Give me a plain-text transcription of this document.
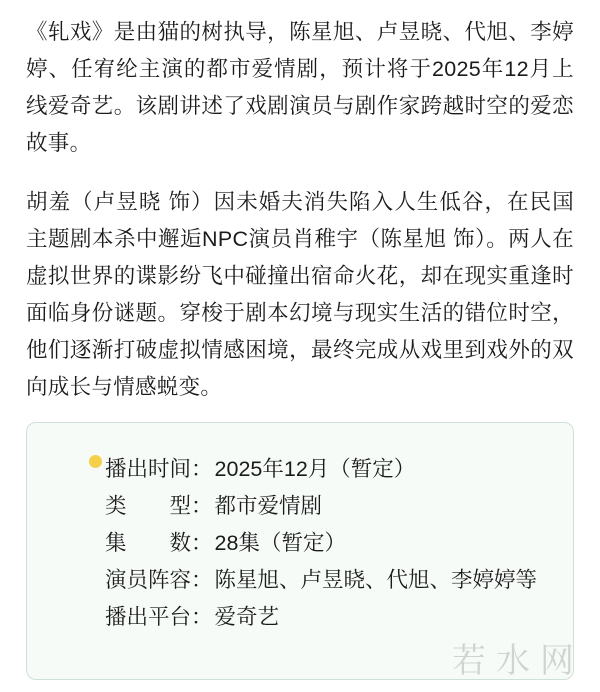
《轧戏》是由猫的树执导，陈星旭、卢昱晓、代旭、李婷婷、任宥纶主演的都市爱情剧，预计将于2025年12月上线爱奇艺。该剧讲述了戏剧演员与剧作家跨越时空的爱恋故事。

胡羞（卢昱晓 饰）因未婚夫消失陷入人生低谷，在民国主题剧本杀中邂逅NPC演员肖稚宇（陈星旭 饰）。两人在虚拟世界的谍影纷飞中碰撞出宿命火花，却在现实重逢时面临身份谜题。穿梭于剧本幻境与现实生活的错位时空，他们逐渐打破虚拟情感困境，最终完成从戏里到戏外的双向成长与情感蜕变。

播出时间 ： 2025年12月（暂定）
类　　型 ： 都市爱情剧
集　　数 ： 28集（暂定）
演员阵容 ： 陈星旭、卢昱晓、代旭、李婷婷等
播出平台 ： 爱奇艺
若水网
